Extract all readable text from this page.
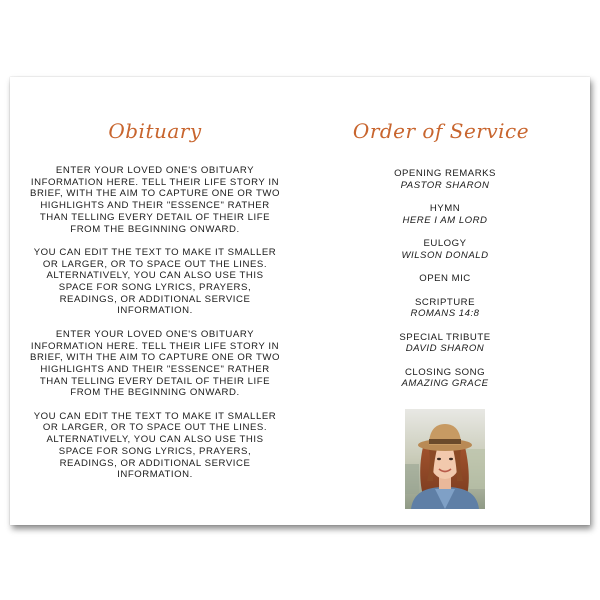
Obituary

ENTER YOUR LOVED ONE'S OBITUARY INFORMATION HERE. TELL THEIR LIFE STORY IN BRIEF, WITH THE AIM TO CAPTURE ONE OR TWO HIGHLIGHTS AND THEIR "ESSENCE" RATHER THAN TELLING EVERY DETAIL OF THEIR LIFE FROM THE BEGINNING ONWARD.

YOU CAN EDIT THE TEXT TO MAKE IT SMALLER OR LARGER, OR TO SPACE OUT THE LINES. ALTERNATIVELY, YOU CAN ALSO USE THIS SPACE FOR SONG LYRICS, PRAYERS, READINGS, OR ADDITIONAL SERVICE INFORMATION.

ENTER YOUR LOVED ONE'S OBITUARY INFORMATION HERE. TELL THEIR LIFE STORY IN BRIEF, WITH THE AIM TO CAPTURE ONE OR TWO HIGHLIGHTS AND THEIR "ESSENCE" RATHER THAN TELLING EVERY DETAIL OF THEIR LIFE FROM THE BEGINNING ONWARD.

YOU CAN EDIT THE TEXT TO MAKE IT SMALLER OR LARGER, OR TO SPACE OUT THE LINES. ALTERNATIVELY, YOU CAN ALSO USE THIS SPACE FOR SONG LYRICS, PRAYERS, READINGS, OR ADDITIONAL SERVICE INFORMATION.

Order of Service
OPENING REMARKS
PASTOR SHARON
HYMN
HERE I AM LORD
EULOGY
WILSON DONALD
OPEN MIC
SCRIPTURE
ROMANS 14:8
SPECIAL TRIBUTE
DAVID SHARON
CLOSING SONG
AMAZING GRACE
